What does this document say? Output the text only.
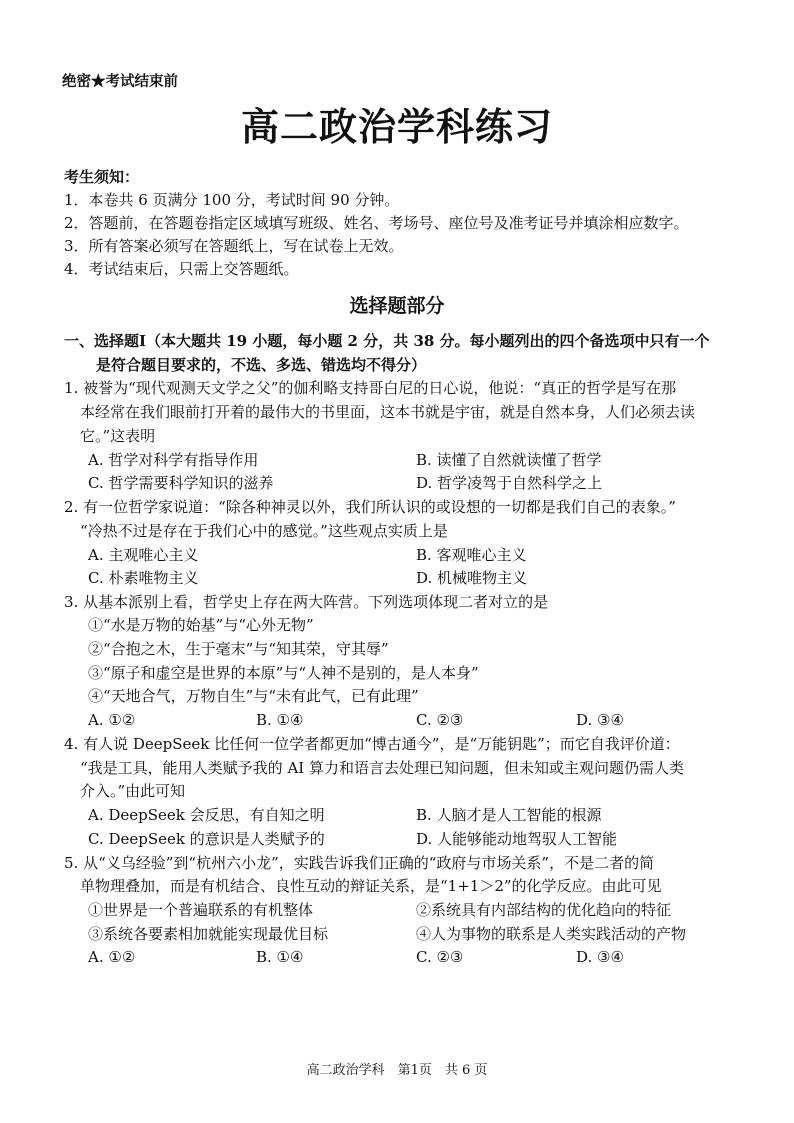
绝密★考试结束前
高二政治学科练习
考生须知：
1．本卷共 6 页满分 100 分，考试时间 90 分钟。
2．答题前，在答题卷指定区域填写班级、姓名、考场号、座位号及准考证号并填涂相应数字。
3．所有答案必须写在答题纸上，写在试卷上无效。
4．考试结束后，只需上交答题纸。
选择题部分
一、选择题Ⅰ（本大题共 19 小题，每小题 2 分，共 38 分。每小题列出的四个备选项中只有一个
是符合题目要求的，不选、多选、错选均不得分）
1. 被誉为“现代观测天文学之父”的伽利略支持哥白尼的日心说，他说：“真正的哲学是写在那
本经常在我们眼前打开着的最伟大的书里面，这本书就是宇宙，就是自然本身，人们必须去读
它。”这表明
A. 哲学对科学有指导作用	B. 读懂了自然就读懂了哲学
C. 哲学需要科学知识的滋养	D. 哲学凌驾于自然科学之上
2. 有一位哲学家说道：“除各种神灵以外，我们所认识的或设想的一切都是我们自己的表象。”
“冷热不过是存在于我们心中的感觉。”这些观点实质上是
A. 主观唯心主义	B. 客观唯心主义
C. 朴素唯物主义	D. 机械唯物主义
3. 从基本派别上看，哲学史上存在两大阵营。下列选项体现二者对立的是
①“水是万物的始基”与“心外无物”
②“合抱之木，生于毫末”与“知其荣，守其辱”
③“原子和虚空是世界的本原”与“人神不是别的，是人本身”
④“天地合气，万物自生”与“未有此气，已有此理”
A. ①②	B. ①④	C. ②③	D. ③④
4. 有人说 DeepSeek 比任何一位学者都更加“博古通今”，是“万能钥匙”；而它自我评价道：
“我是工具，能用人类赋予我的 AI 算力和语言去处理已知问题，但未知或主观问题仍需人类
介入。”由此可知
A. DeepSeek 会反思，有自知之明	B. 人脑才是人工智能的根源
C. DeepSeek 的意识是人类赋予的	D. 人能够能动地驾驭人工智能
5. 从“义乌经验”到“杭州六小龙”，实践告诉我们正确的“政府与市场关系”，不是二者的简
单物理叠加，而是有机结合、良性互动的辩证关系，是“1+1＞2”的化学反应。由此可见
①世界是一个普遍联系的有机整体	②系统具有内部结构的优化趋向的特征
③系统各要素相加就能实现最优目标	④人为事物的联系是人类实践活动的产物
A. ①②	B. ①④	C. ②③	D. ③④
高二政治学科　第1页　共 6 页
